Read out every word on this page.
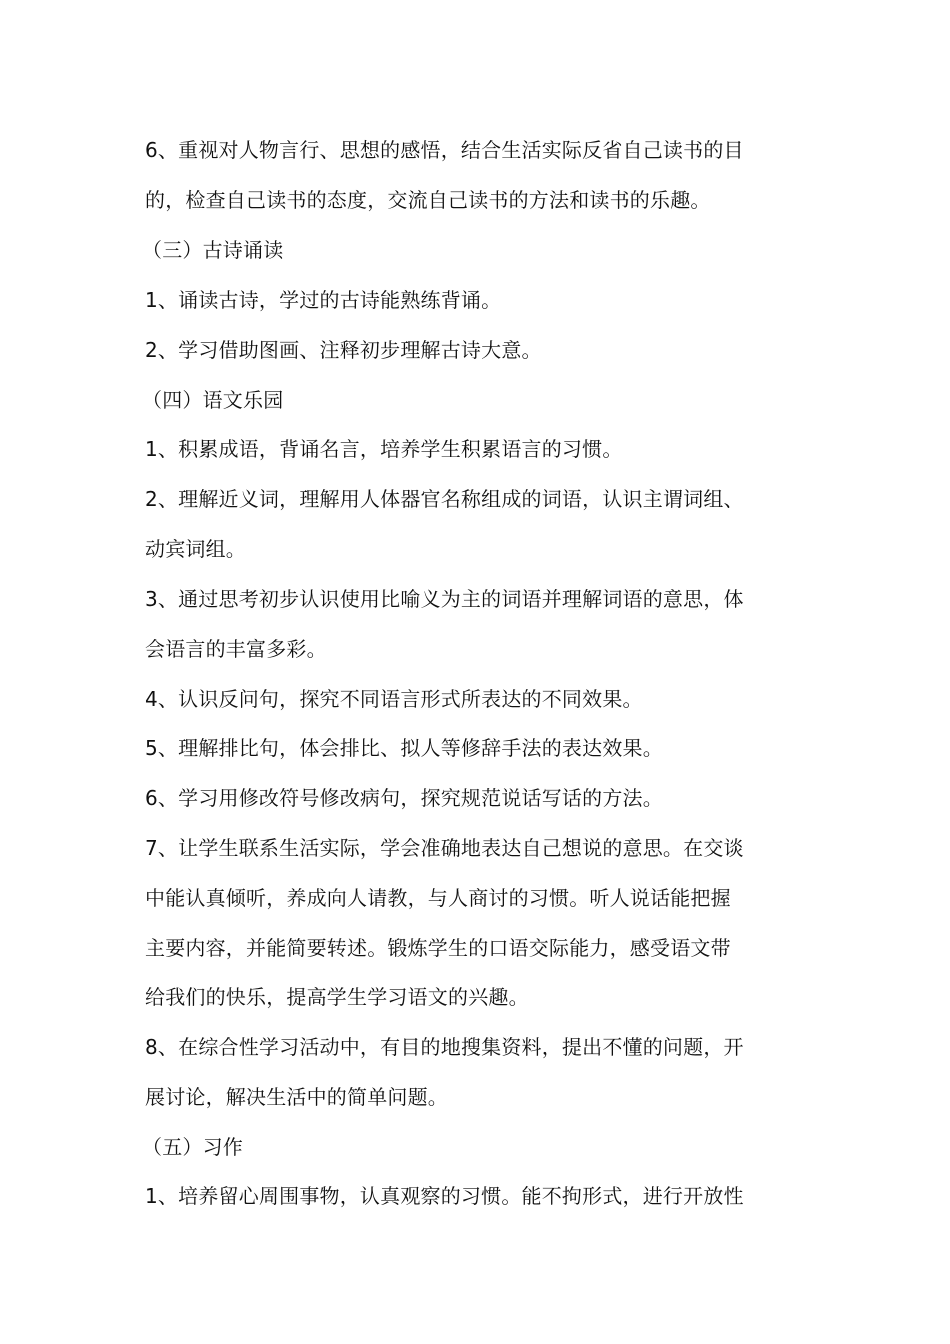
6、重视对人物言行、思想的感悟，结合生活实际反省自己读书的目
的，检查自己读书的态度，交流自己读书的方法和读书的乐趣。
（三）古诗诵读
1、诵读古诗，学过的古诗能熟练背诵。
2、学习借助图画、注释初步理解古诗大意。
（四）语文乐园
1、积累成语，背诵名言，培养学生积累语言的习惯。
2、理解近义词，理解用人体器官名称组成的词语，认识主谓词组、
动宾词组。
3、通过思考初步认识使用比喻义为主的词语并理解词语的意思，体
会语言的丰富多彩。
4、认识反问句，探究不同语言形式所表达的不同效果。
5、理解排比句，体会排比、拟人等修辞手法的表达效果。
6、学习用修改符号修改病句，探究规范说话写话的方法。
7、让学生联系生活实际，学会准确地表达自己想说的意思。在交谈
中能认真倾听，养成向人请教，与人商讨的习惯。听人说话能把握
主要内容，并能简要转述。锻炼学生的口语交际能力，感受语文带
给我们的快乐，提高学生学习语文的兴趣。
8、在综合性学习活动中，有目的地搜集资料，提出不懂的问题，开
展讨论，解决生活中的简单问题。
（五）习作
1、培养留心周围事物，认真观察的习惯。能不拘形式，进行开放性
